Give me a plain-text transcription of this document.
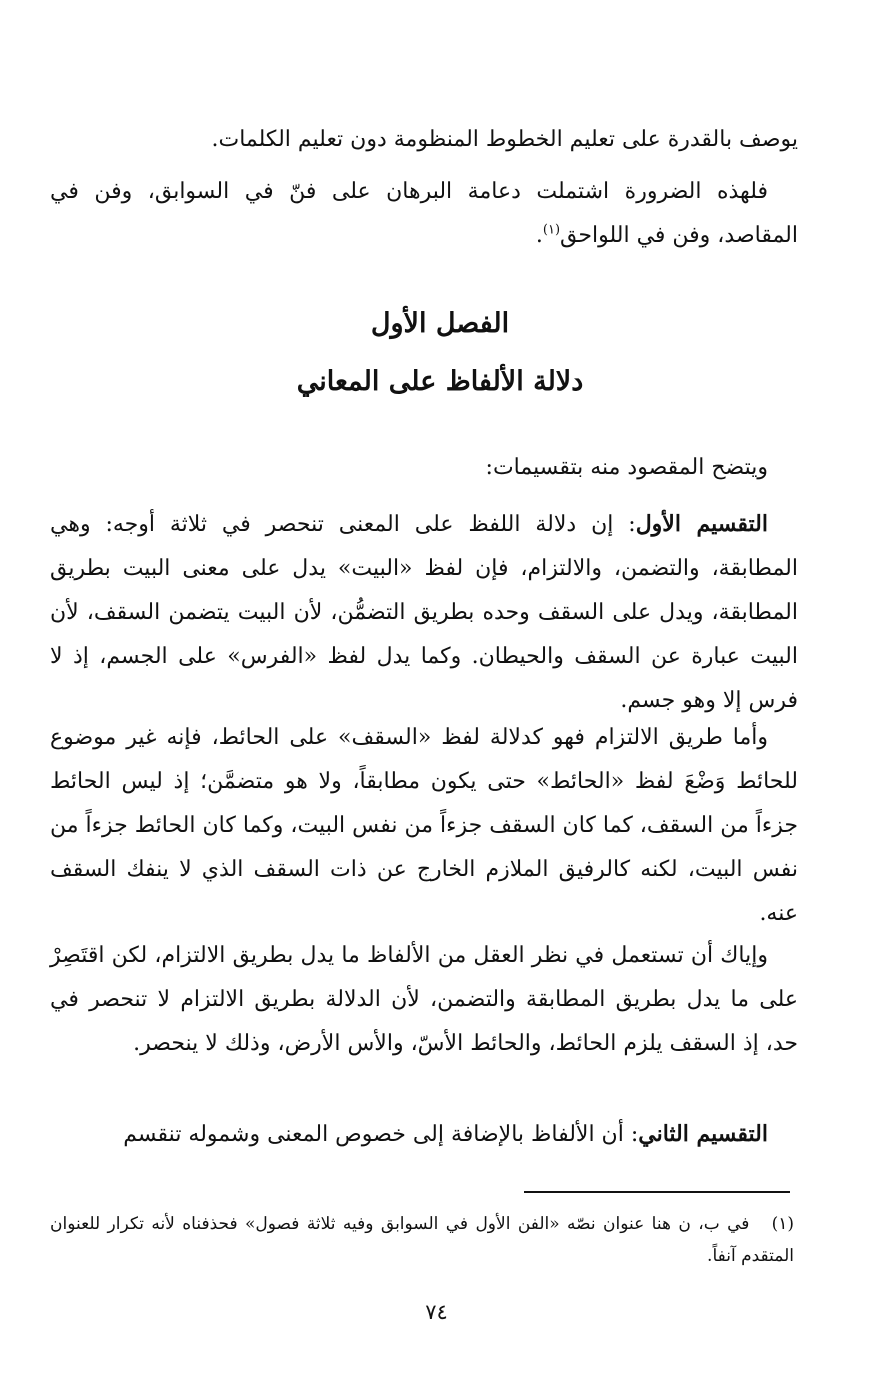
يوصف بالقدرة على تعليم الخطوط المنظومة دون تعليم الكلمات.

فلهذه الضرورة اشتملت دعامة البرهان على فنّ في السوابق، وفن في المقاصد، وفن في اللواحق$^{(١)}$.

الفصل الأول
دلالة الألفاظ على المعاني

ويتضح المقصود منه بتقسيمات:

التقسيم الأول: إن دلالة اللفظ على المعنى تنحصر في ثلاثة أوجه: وهي المطابقة، والتضمن، والالتزام، فإن لفظ «البيت» يدل على معنى البيت بطريق المطابقة، ويدل على السقف وحده بطريق التضمُّن، لأن البيت يتضمن السقف، لأن البيت عبارة عن السقف والحيطان. وكما يدل لفظ «الفرس» على الجسم، إذ لا فرس إلا وهو جسم.

وأما طريق الالتزام فهو كدلالة لفظ «السقف» على الحائط، فإنه غير موضوع للحائط وَضْعَ لفظ «الحائط» حتى يكون مطابقاً، ولا هو متضمَّن؛ إذ ليس الحائط جزءاً من السقف، كما كان السقف جزءاً من نفس البيت، وكما كان الحائط جزءاً من نفس البيت، لكنه كالرفيق الملازم الخارج عن ذات السقف الذي لا ينفك السقف عنه.

وإياك أن تستعمل في نظر العقل من الألفاظ ما يدل بطريق الالتزام، لكن اقتَصِرْ على ما يدل بطريق المطابقة والتضمن، لأن الدلالة بطريق الالتزام لا تنحصر في حد، إذ السقف يلزم الحائط، والحائط الأسّ، والأس الأرض، وذلك لا ينحصر.

التقسيم الثاني: أن الألفاظ بالإضافة إلى خصوص المعنى وشموله تنقسم

(١)   في ب، ن هنا عنوان نصّه «الفن الأول في السوابق وفيه ثلاثة فصول» فحذفناه لأنه تكرار للعنوان المتقدم آنفاً.

٧٤
